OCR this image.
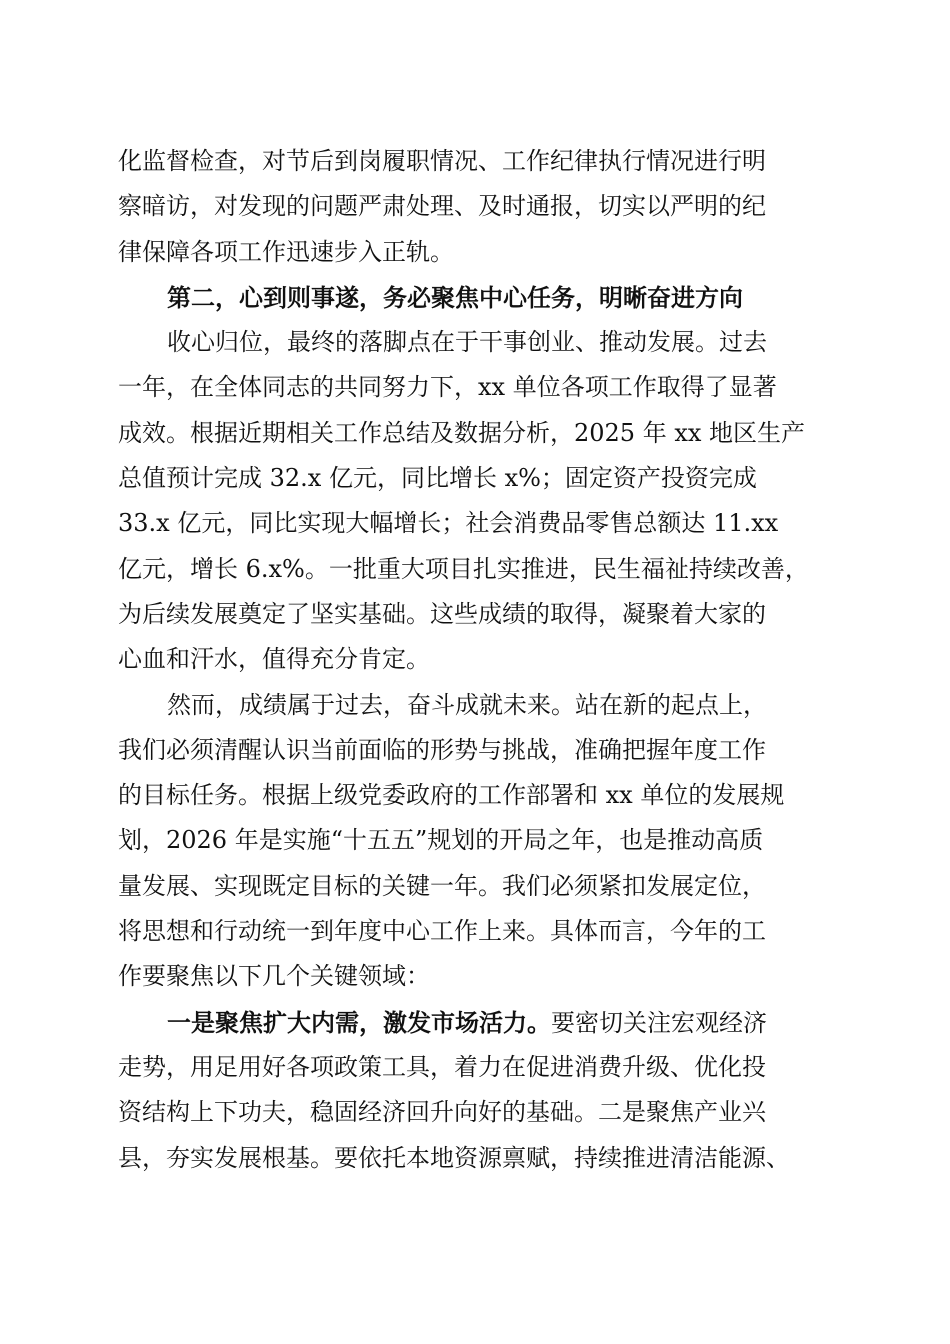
化监督检查，对节后到岗履职情况、工作纪律执行情况进行明
察暗访，对发现的问题严肃处理、及时通报，切实以严明的纪
律保障各项工作迅速步入正轨。
第二，心到则事遂，务必聚焦中心任务，明晰奋进方向
收心归位，最终的落脚点在于干事创业、推动发展。过去
一年，在全体同志的共同努力下，xx 单位各项工作取得了显著
成效。根据近期相关工作总结及数据分析，2025 年 xx 地区生产
总值预计完成 32.x 亿元，同比增长 x%；固定资产投资完成
33.x 亿元，同比实现大幅增长；社会消费品零售总额达 11.xx
亿元，增长 6.x%。一批重大项目扎实推进，民生福祉持续改善，
为后续发展奠定了坚实基础。这些成绩的取得，凝聚着大家的
心血和汗水，值得充分肯定。
然而，成绩属于过去，奋斗成就未来。站在新的起点上，
我们必须清醒认识当前面临的形势与挑战，准确把握年度工作
的目标任务。根据上级党委政府的工作部署和 xx 单位的发展规
划，2026 年是实施“十五五”规划的开局之年，也是推动高质
量发展、实现既定目标的关键一年。我们必须紧扣发展定位，
将思想和行动统一到年度中心工作上来。具体而言，今年的工
作要聚焦以下几个关键领域：
一是聚焦扩大内需，激发市场活力。要密切关注宏观经济
走势，用足用好各项政策工具，着力在促进消费升级、优化投
资结构上下功夫，稳固经济回升向好的基础。二是聚焦产业兴
县，夯实发展根基。要依托本地资源禀赋，持续推进清洁能源、
